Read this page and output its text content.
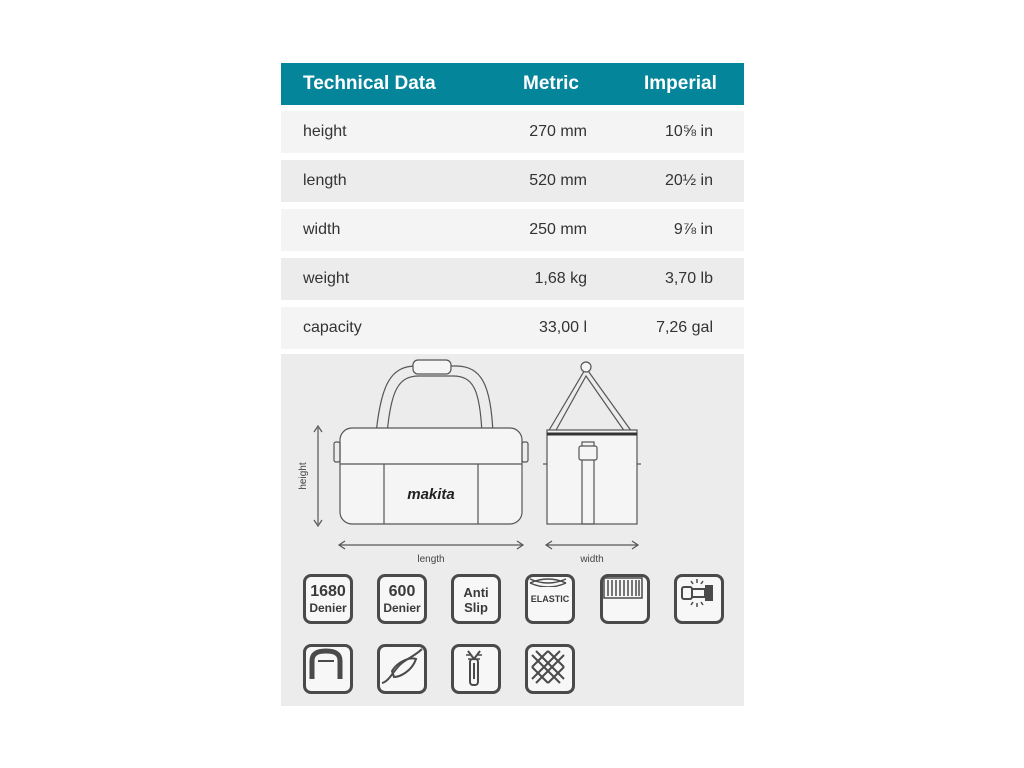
Technical Data	Metric	Imperial
height	270 mm	10⅝ in
length	520 mm	20½ in
width	250 mm	9⅞ in
weight	1,68 kg	3,70 lb
capacity	33,00 l	7,26 gal
makita
height
length	width
1680
Denier
600
Denier
Anti
Slip
ELASTIC
